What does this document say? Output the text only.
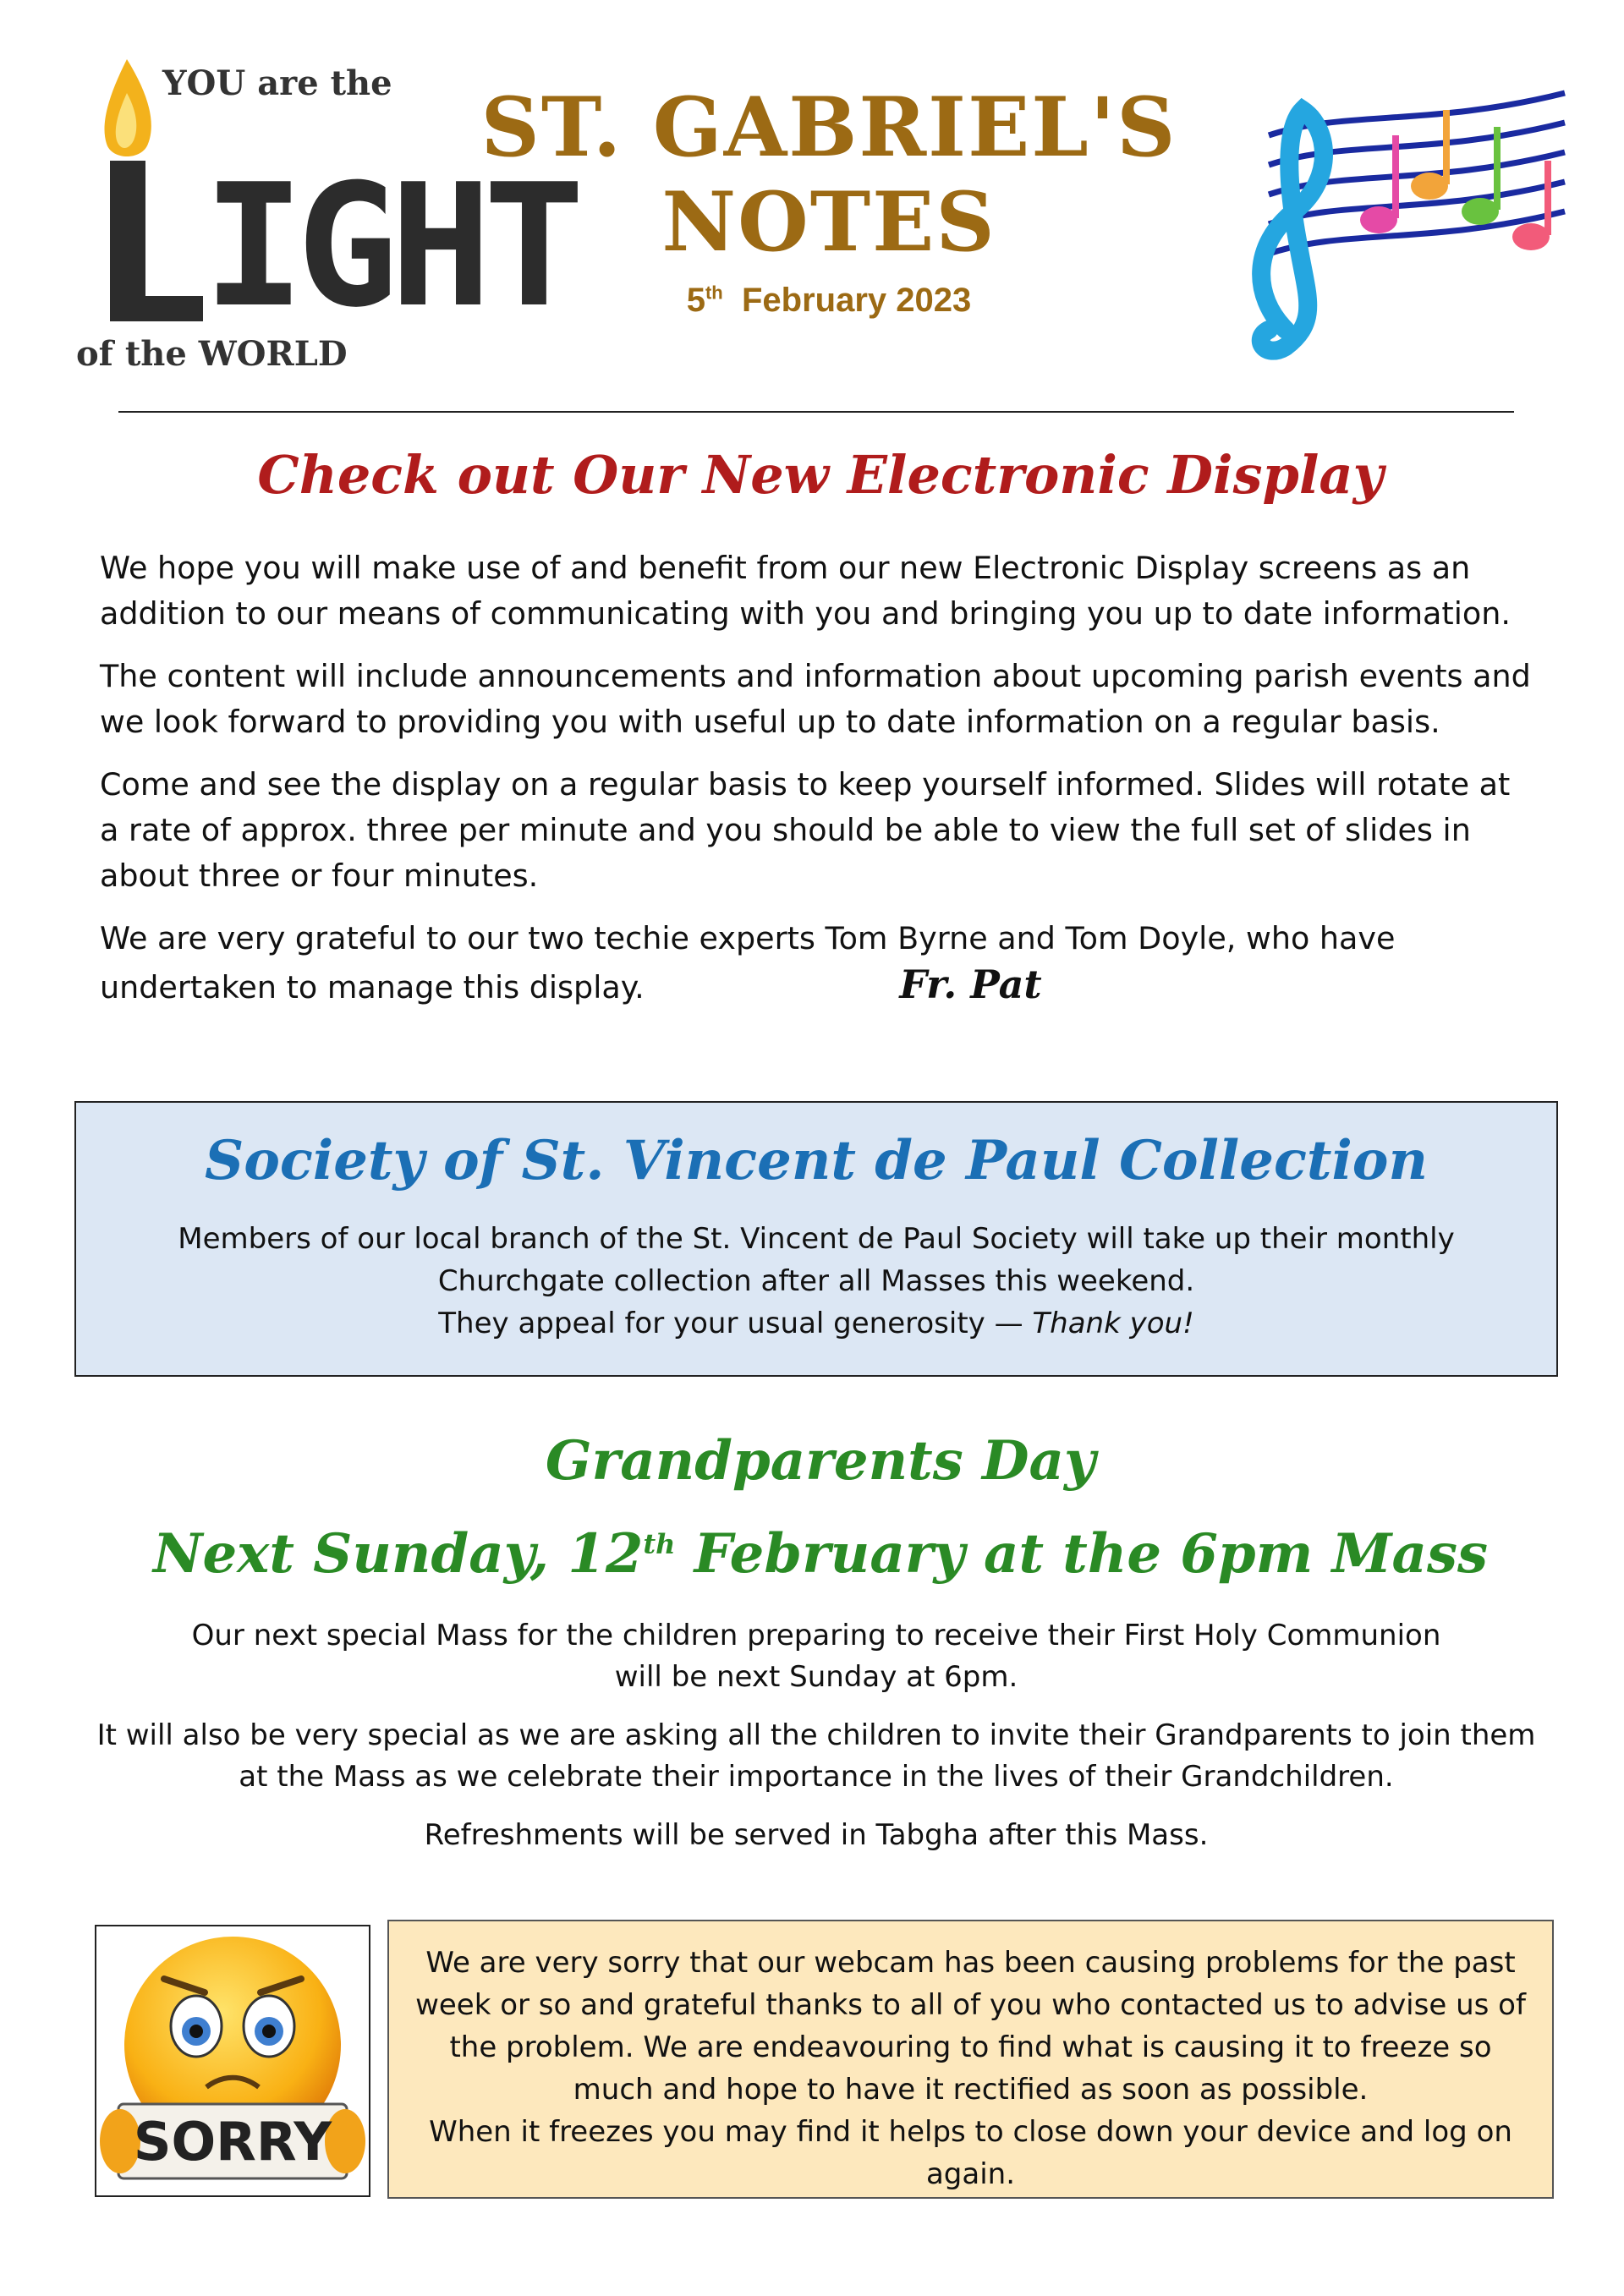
YOU are the
IGHT
of the WORLD
ST. GABRIEL'S
NOTES
5th February 2023
Check out Our New Electronic Display

We hope you will make use of and benefit from our new Electronic Display screens as an addition to our means of communicating with you and bringing you up to date information.

The content will include announcements and information about upcoming parish events and we look forward to providing you with useful up to date information on a regular basis.

Come and see the display on a regular basis to keep yourself informed. Slides will rotate at a rate of approx. three per minute and you should be able to view the full set of slides in about three or four minutes.

We are very grateful to our two techie experts Tom Byrne and Tom Doyle, who have
undertaken to manage this display.	Fr. Pat

Society of St. Vincent de Paul Collection
Members of our local branch of the St. Vincent de Paul Society will take up their monthly
Churchgate collection after all Masses this weekend.
They appeal for your usual generosity — Thank you!
Grandparents Day
Next Sunday, 12th February at the 6pm Mass

Our next special Mass for the children preparing to receive their First Holy Communion
will be next Sunday at 6pm.

It will also be very special as we are asking all the children to invite their Grandparents to join them
at the Mass as we celebrate their importance in the lives of their Grandchildren.

Refreshments will be served in Tabgha after this Mass.

SORRY
We are very sorry that our webcam has been causing problems for the past
week or so and grateful thanks to all of you who contacted us to advise us of
the problem. We are endeavouring to find what is causing it to freeze so
much and hope to have it rectified as soon as possible.
When it freezes you may find it helps to close down your device and log on again.
